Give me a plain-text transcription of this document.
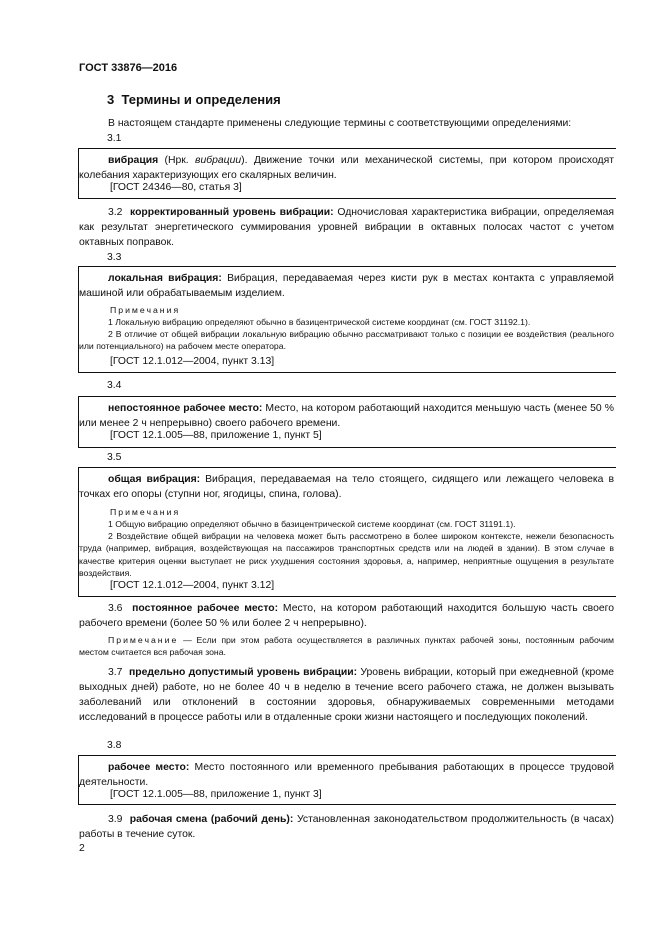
ГОСТ 33876—2016
3 Термины и определения

В настоящем стандарте применены следующие термины с соответствующими определениями:

3.1

вибрация (Нрк. вибрации). Движение точки или механической системы, при котором происходят колебания характеризующих его скалярных величин.

[ГОСТ 24346—80, статья 3]

3.2 корректированный уровень вибрации: Одночисловая характеристика вибрации, определяемая как результат энергетического суммирования уровней вибрации в октавных полосах частот с учетом октавных поправок.

3.3

локальная вибрация: Вибрация, передаваемая через кисти рук в местах контакта с управляемой машиной или обрабатываемым изделием.

Примечания

1 Локальную вибрацию определяют обычно в базицентрической системе координат (см. ГОСТ 31192.1).

2 В отличие от общей вибрации локальную вибрацию обычно рассматривают только с позиции ее воздействия (реального или потенциального) на рабочем месте оператора.

[ГОСТ 12.1.012—2004, пункт 3.13]
3.4

непостоянное рабочее место: Место, на котором работающий находится меньшую часть (менее 50 % или менее 2 ч непрерывно) своего рабочего времени.

[ГОСТ 12.1.005—88, приложение 1, пункт 5]
3.5

общая вибрация: Вибрация, передаваемая на тело стоящего, сидящего или лежащего человека в точках его опоры (ступни ног, ягодицы, спина, голова).

Примечания

1 Общую вибрацию определяют обычно в базицентрической системе координат (см. ГОСТ 31191.1).

2 Воздействие общей вибрации на человека может быть рассмотрено в более широком контексте, нежели безопасность труда (например, вибрация, воздействующая на пассажиров транспортных средств или на людей в здании). В этом случае в качестве критерия оценки выступает не риск ухудшения состояния здоровья, а, например, неприятные ощущения в результате воздействия.

[ГОСТ 12.1.012—2004, пункт 3.12]

3.6 постоянное рабочее место: Место, на котором работающий находится большую часть своего рабочего времени (более 50 % или более 2 ч непрерывно).

Примечание — Если при этом работа осуществляется в различных пунктах рабочей зоны, постоянным рабочим местом считается вся рабочая зона.

3.7 предельно допустимый уровень вибрации: Уровень вибрации, который при ежедневной (кроме выходных дней) работе, но не более 40 ч в неделю в течение всего рабочего стажа, не должен вызывать заболеваний или отклонений в состоянии здоровья, обнаруживаемых современными методами исследований в процессе работы или в отдаленные сроки жизни настоящего и последующих поколений.

3.8

рабочее место: Место постоянного или временного пребывания работающих в процессе трудовой деятельности.

[ГОСТ 12.1.005—88, приложение 1, пункт 3]

3.9 рабочая смена (рабочий день): Установленная законодательством продолжительность (в часах) работы в течение суток.

2
